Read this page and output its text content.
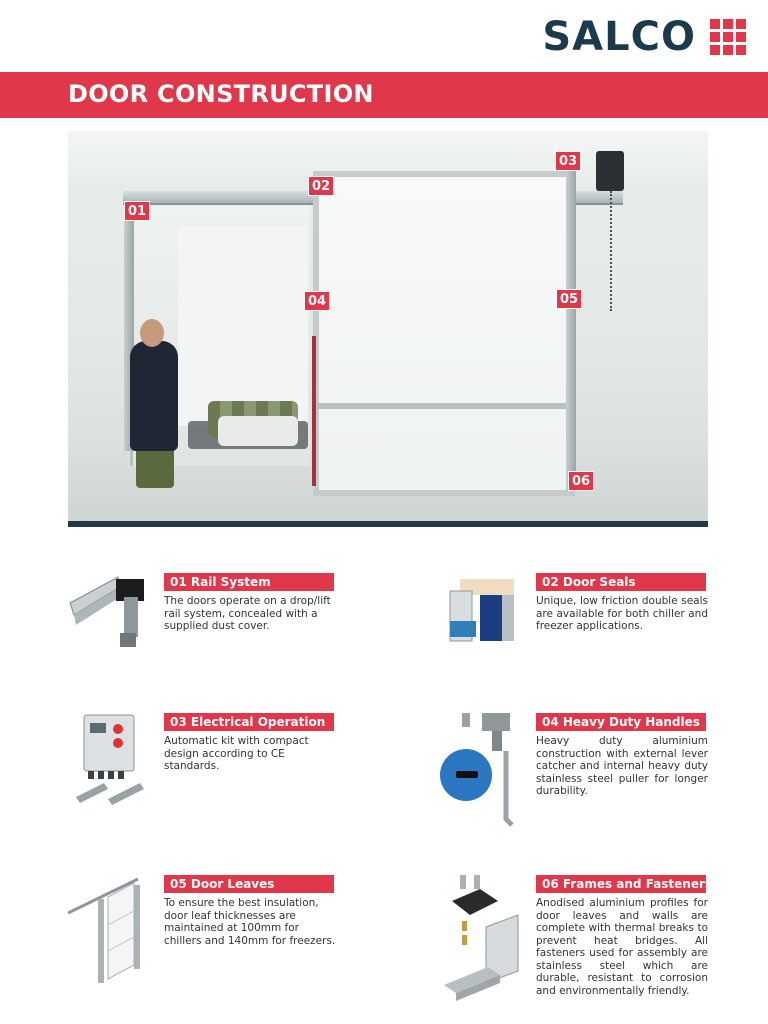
SALCO
DOOR CONSTRUCTION
01
02
03
04	05
06
01 Rail System
The doors operate on a drop/lift rail system, concealed with a supplied dust cover.
02 Door Seals
Unique, low friction double seals are available for both chiller and freezer applications.
03 Electrical Operation
Automatic kit with compact design according to CE standards.
04 Heavy Duty Handles
Heavy duty aluminium construction with external lever catcher and internal heavy duty stainless steel puller for longer durability.
05 Door Leaves
To ensure the best insulation, door leaf thicknesses are maintained at 100mm for chillers and 140mm for freezers.
06 Frames and Fasteners
Anodised aluminium profiles for door leaves and walls are complete with thermal breaks to prevent heat bridges. All fasteners used for assembly are stainless steel which are durable, resistant to corrosion and environmentally friendly.
